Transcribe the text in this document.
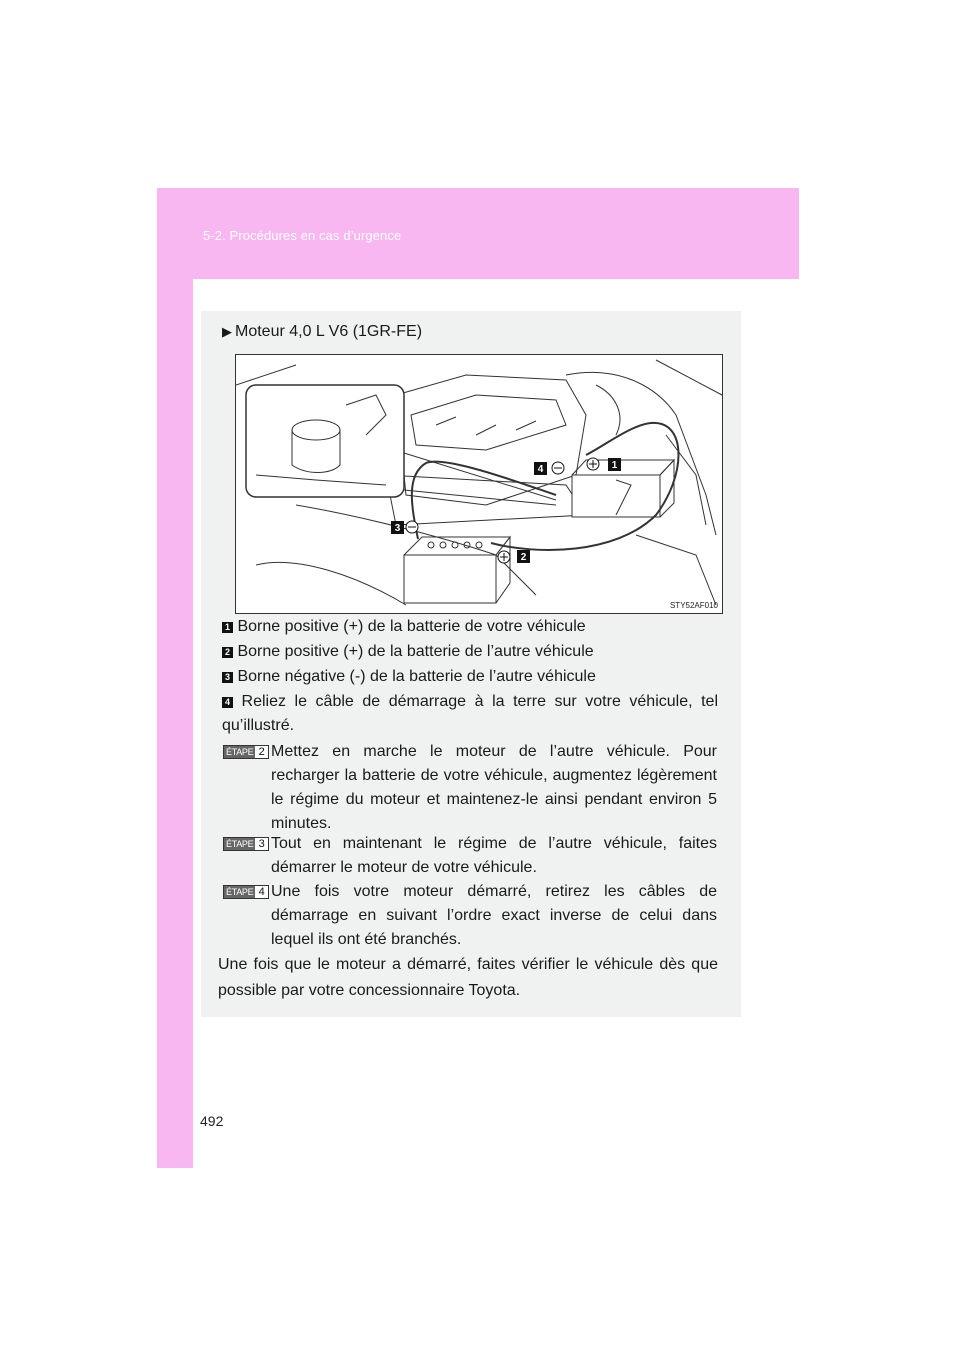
5-2. Procédures en cas d’urgence
▶ Moteur 4,0 L V6 (1GR-FE)
1
2
3
4
STY52AF010
1 Borne positive (+) de la batterie de votre véhicule
2 Borne positive (+) de la batterie de l’autre véhicule
3 Borne négative (-) de la batterie de l’autre véhicule
4 Reliez le câble de démarrage à la terre sur votre véhicule, tel qu’illustré.
ÉTAPE 2 Mettez en marche le moteur de l’autre véhicule. Pour recharger la batterie de votre véhicule, augmentez légèrement le régime du moteur et maintenez-le ainsi pendant environ 5 minutes.
ÉTAPE 3 Tout en maintenant le régime de l’autre véhicule, faites démarrer le moteur de votre véhicule.
ÉTAPE 4 Une fois votre moteur démarré, retirez les câbles de démarrage en suivant l’ordre exact inverse de celui dans lequel ils ont été branchés.
Une fois que le moteur a démarré, faites vérifier le véhicule dès que possible par votre concessionnaire Toyota.
492
